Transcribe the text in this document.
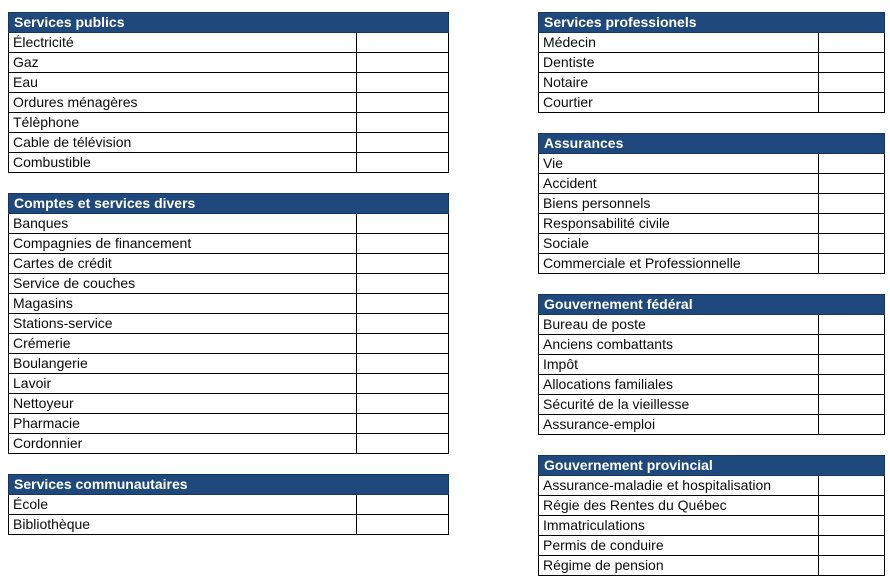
Services publics	
Électricité	
Gaz	
Eau	
Ordures ménagères	
Télèphone	
Cable de télévision	
Combustible	
Comptes et services divers	
Banques	
Compagnies de financement	
Cartes de crédit	
Service de couches	
Magasins	
Stations-service	
Crémerie	
Boulangerie	
Lavoir	
Nettoyeur	
Pharmacie	
Cordonnier	
Services communautaires	
École	
Bibliothèque	
Services professionels	
Médecin	
Dentiste	
Notaire	
Courtier	
Assurances	
Vie	
Accident	
Biens personnels	
Responsabilité civile	
Sociale	
Commerciale et Professionnelle	
Gouvernement fédéral	
Bureau de poste	
Anciens combattants	
Impôt	
Allocations familiales	
Sécurité de la vieillesse	
Assurance-emploi	
Gouvernement provincial	
Assurance-maladie et hospitalisation	
Régie des Rentes du Québec	
Immatriculations	
Permis de conduire	
Régime de pension	
